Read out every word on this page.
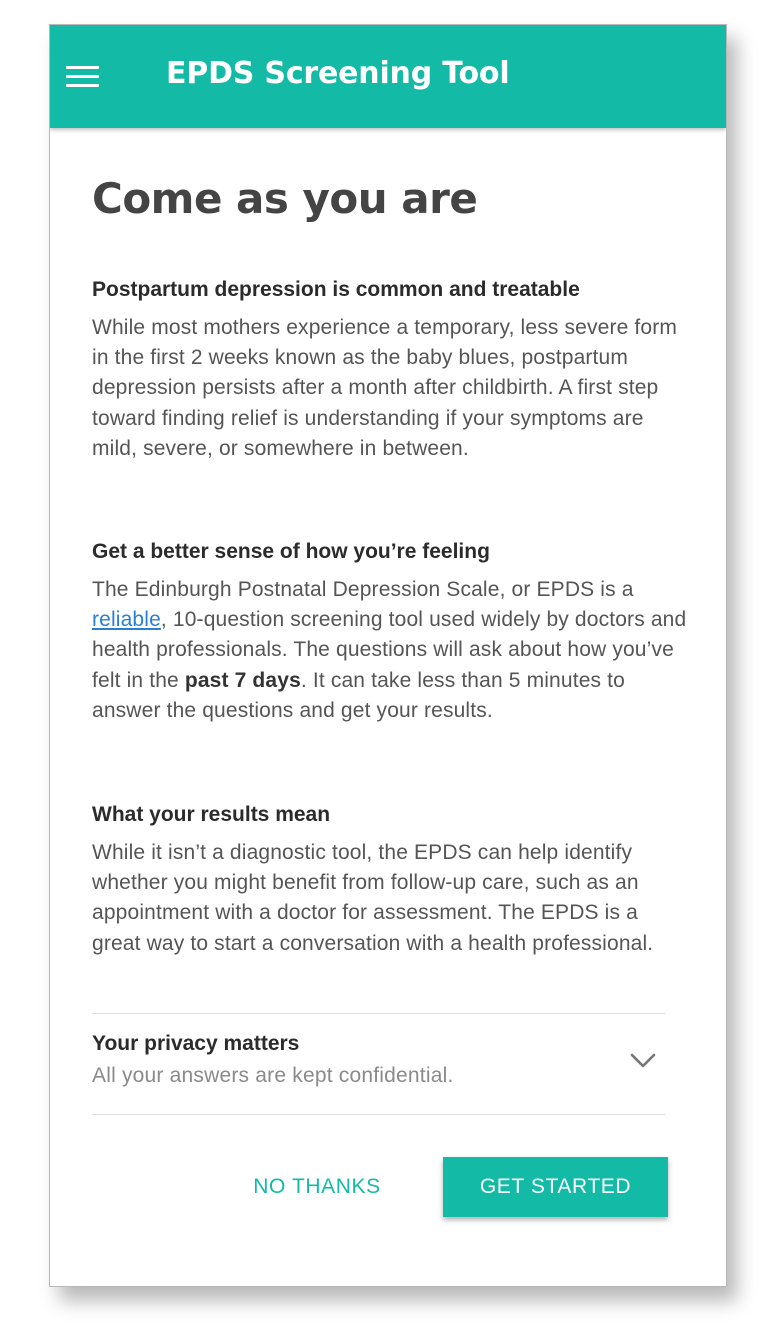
EPDS Screening Tool
Come as you are

Postpartum depression is common and treatable

While most mothers experience a temporary, less severe form in the first 2 weeks known as the baby blues, postpartum depression persists after a month after childbirth. A first step toward finding relief is understanding if your symptoms are mild, severe, or somewhere in between.

Get a better sense of how you’re feeling

The Edinburgh Postnatal Depression Scale, or EPDS is a reliable, 10-question screening tool used widely by doctors and health professionals. The questions will ask about how you’ve felt in the past 7 days. It can take less than 5 minutes to answer the questions and get your results.

What your results mean

While it isn’t a diagnostic tool, the EPDS can help identify whether you might benefit from follow-up care, such as an appointment with a doctor for assessment. The EPDS is a great way to start a conversation with a health professional.

Your privacy matters
All your answers are kept confidential.
NO THANKS	GET STARTED
